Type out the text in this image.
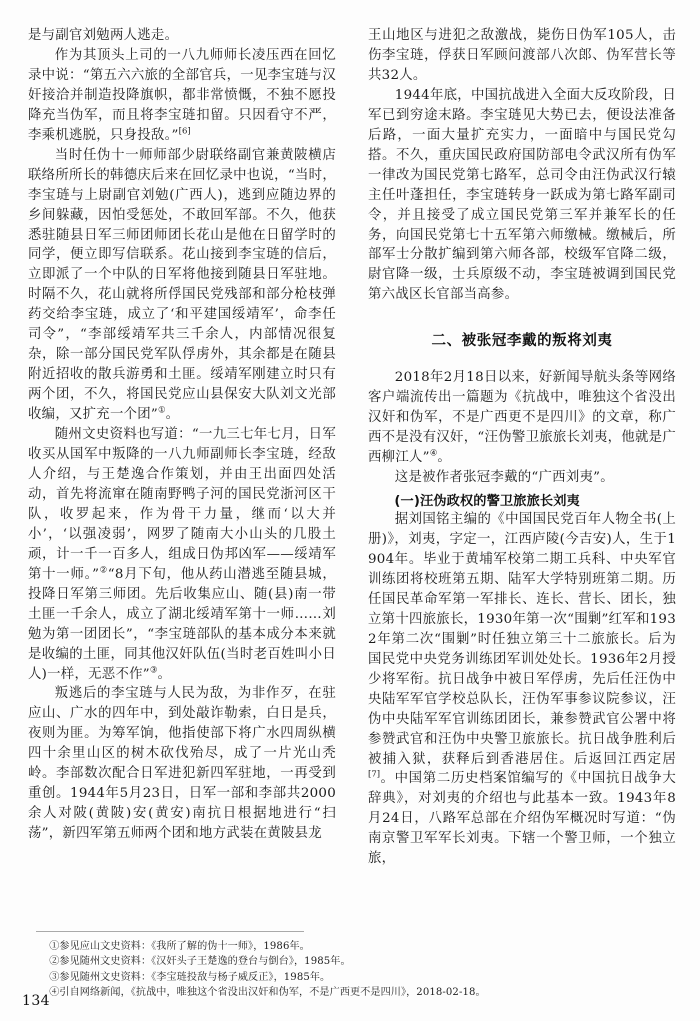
是与副官刘勉两人逃走。

作为其顶头上司的一八九师师长凌压西在回忆录中说：“第五六六旅的全部官兵，一见李宝琏与汉奸接洽并制造投降旗帜，都非常愤慨，不独不愿投降充当伪军，而且将李宝琏扣留。只因看守不严，李乘机逃脱，只身投敌。”[6]

当时任伪十一师师部少尉联络副官兼黄陂横店联络所所长的韩德庆后来在回忆录中也说，“当时，李宝琏与上尉副官刘勉(广西人)，逃到应随边界的乡间躲藏，因怕受惩处，不敢回军部。不久，他获悉驻随县日军三师团师团长花山是他在日留学时的同学，便立即写信联系。花山接到李宝琏的信后，立即派了一个中队的日军将他接到随县日军驻地。时隔不久，花山就将所俘国民党残部和部分枪枝弹药交给李宝琏，成立了‘和平建国绥靖军’，命李任司令”，“李部绥靖军共三千余人，内部情况很复杂，除一部分国民党军队俘虏外，其余都是在随县附近招收的散兵游勇和土匪。绥靖军刚建立时只有两个团，不久，将国民党应山县保安大队刘文光部收编，又扩充一个团”①。

随州文史资料也写道：“一九三七年七月，日军收买从国军中叛降的一八九师副师长李宝琏，经敌人介绍，与王楚逸合作策划，并由王出面四处活动，首先将流窜在随南野鸭子河的国民党浙河区干队，收罗起来，作为骨干力量，继而‘以大并小’，‘以强凌弱’，网罗了随南大小山头的几股土顽，计一千一百多人，组成日伪邦凶军——绥靖军第十一师。”②“8月下旬，他从药山潜逃至随县城，投降日军第三师团。先后收集应山、随(县)南一带土匪一千余人，成立了湖北绥靖军第十一师……刘勉为第一团团长”，“李宝琏部队的基本成分本来就是收编的土匪，同其他汉奸队伍(当时老百姓叫小日人)一样，无恶不作”③。

叛逃后的李宝琏与人民为敌，为非作歹，在驻应山、广水的四年中，到处敲诈勒索，白日是兵，夜则为匪。为筹军饷，他指使部下将广水四周纵横四十余里山区的树木砍伐殆尽，成了一片光山秃岭。李部数次配合日军进犯新四军驻地，一再受到重创。1944年5月23日，日军一部和李部共2000余人对陂(黄陂)安(黄安)南抗日根据地进行“扫荡”，新四军第五师两个团和地方武装在黄陂县龙

王山地区与进犯之敌激战，毙伤日伪军105人，击伤李宝琏，俘获日军顾问渡部八次郎、伪军营长等共32人。

1944年底，中国抗战进入全面大反攻阶段，日军已到穷途末路。李宝琏见大势已去，便设法准备后路，一面大量扩充实力，一面暗中与国民党勾搭。不久，重庆国民政府国防部电令武汉所有伪军一律改为国民党第七路军，总司令由汪伪武汉行辕主任叶蓬担任，李宝琏转身一跃成为第七路军副司令，并且接受了成立国民党第三军并兼军长的任务，向国民党第七十五军第六师缴械。缴械后，所部军士分散扩编到第六师各部，校级军官降二级，尉官降一级，士兵原级不动，李宝琏被调到国民党第六战区长官部当高参。

二、被张冠李戴的叛将刘夷

2018年2月18日以来，好新闻导航头条等网络客户端流传出一篇题为《抗战中，唯独这个省没出汉奸和伪军，不是广西更不是四川》的文章，称广西不是没有汉奸，“汪伪警卫旅旅长刘夷，他就是广西柳江人”④。

这是被作者张冠李戴的“广西刘夷”。

(一)汪伪政权的警卫旅旅长刘夷

据刘国铭主编的《中国国民党百年人物全书(上册)》，刘夷，字定一，江西庐陵(今吉安)人，生于1904年。毕业于黄埔军校第二期工兵科、中央军官训练团将校班第五期、陆军大学特别班第二期。历任国民革命军第一军排长、连长、营长、团长，独立第十四旅旅长，1930年第一次“围剿”红军和1932年第二次“围剿”时任独立第三十二旅旅长。后为国民党中央党务训练团军训处处长。1936年2月授少将军衔。抗日战争中被日军俘虏，先后任汪伪中央陆军军官学校总队长，汪伪军事参议院参议，汪伪中央陆军军官训练团团长，兼参赞武官公署中将参赞武官和汪伪中央警卫旅旅长。抗日战争胜利后被捕入狱，获释后到香港居住。后返回江西定居[7]。中国第二历史档案馆编写的《中国抗日战争大辞典》，对刘夷的介绍也与此基本一致。1943年8月24日，八路军总部在介绍伪军概况时写道：“伪南京警卫军军长刘夷。下辖一个警卫师，一个独立旅，

①参见应山文史资料：《我所了解的伪十一师》，1986年。

②参见随州文史资料：《汉奸头子王楚逸的登台与倒台》，1985年。

③参见随州文史资料：《李宝琏投敌与杨子威反正》，1985年。

④引自网络新闻，《抗战中，唯独这个省没出汉奸和伪军，不是广西更不是四川》，2018-02-18。

134
